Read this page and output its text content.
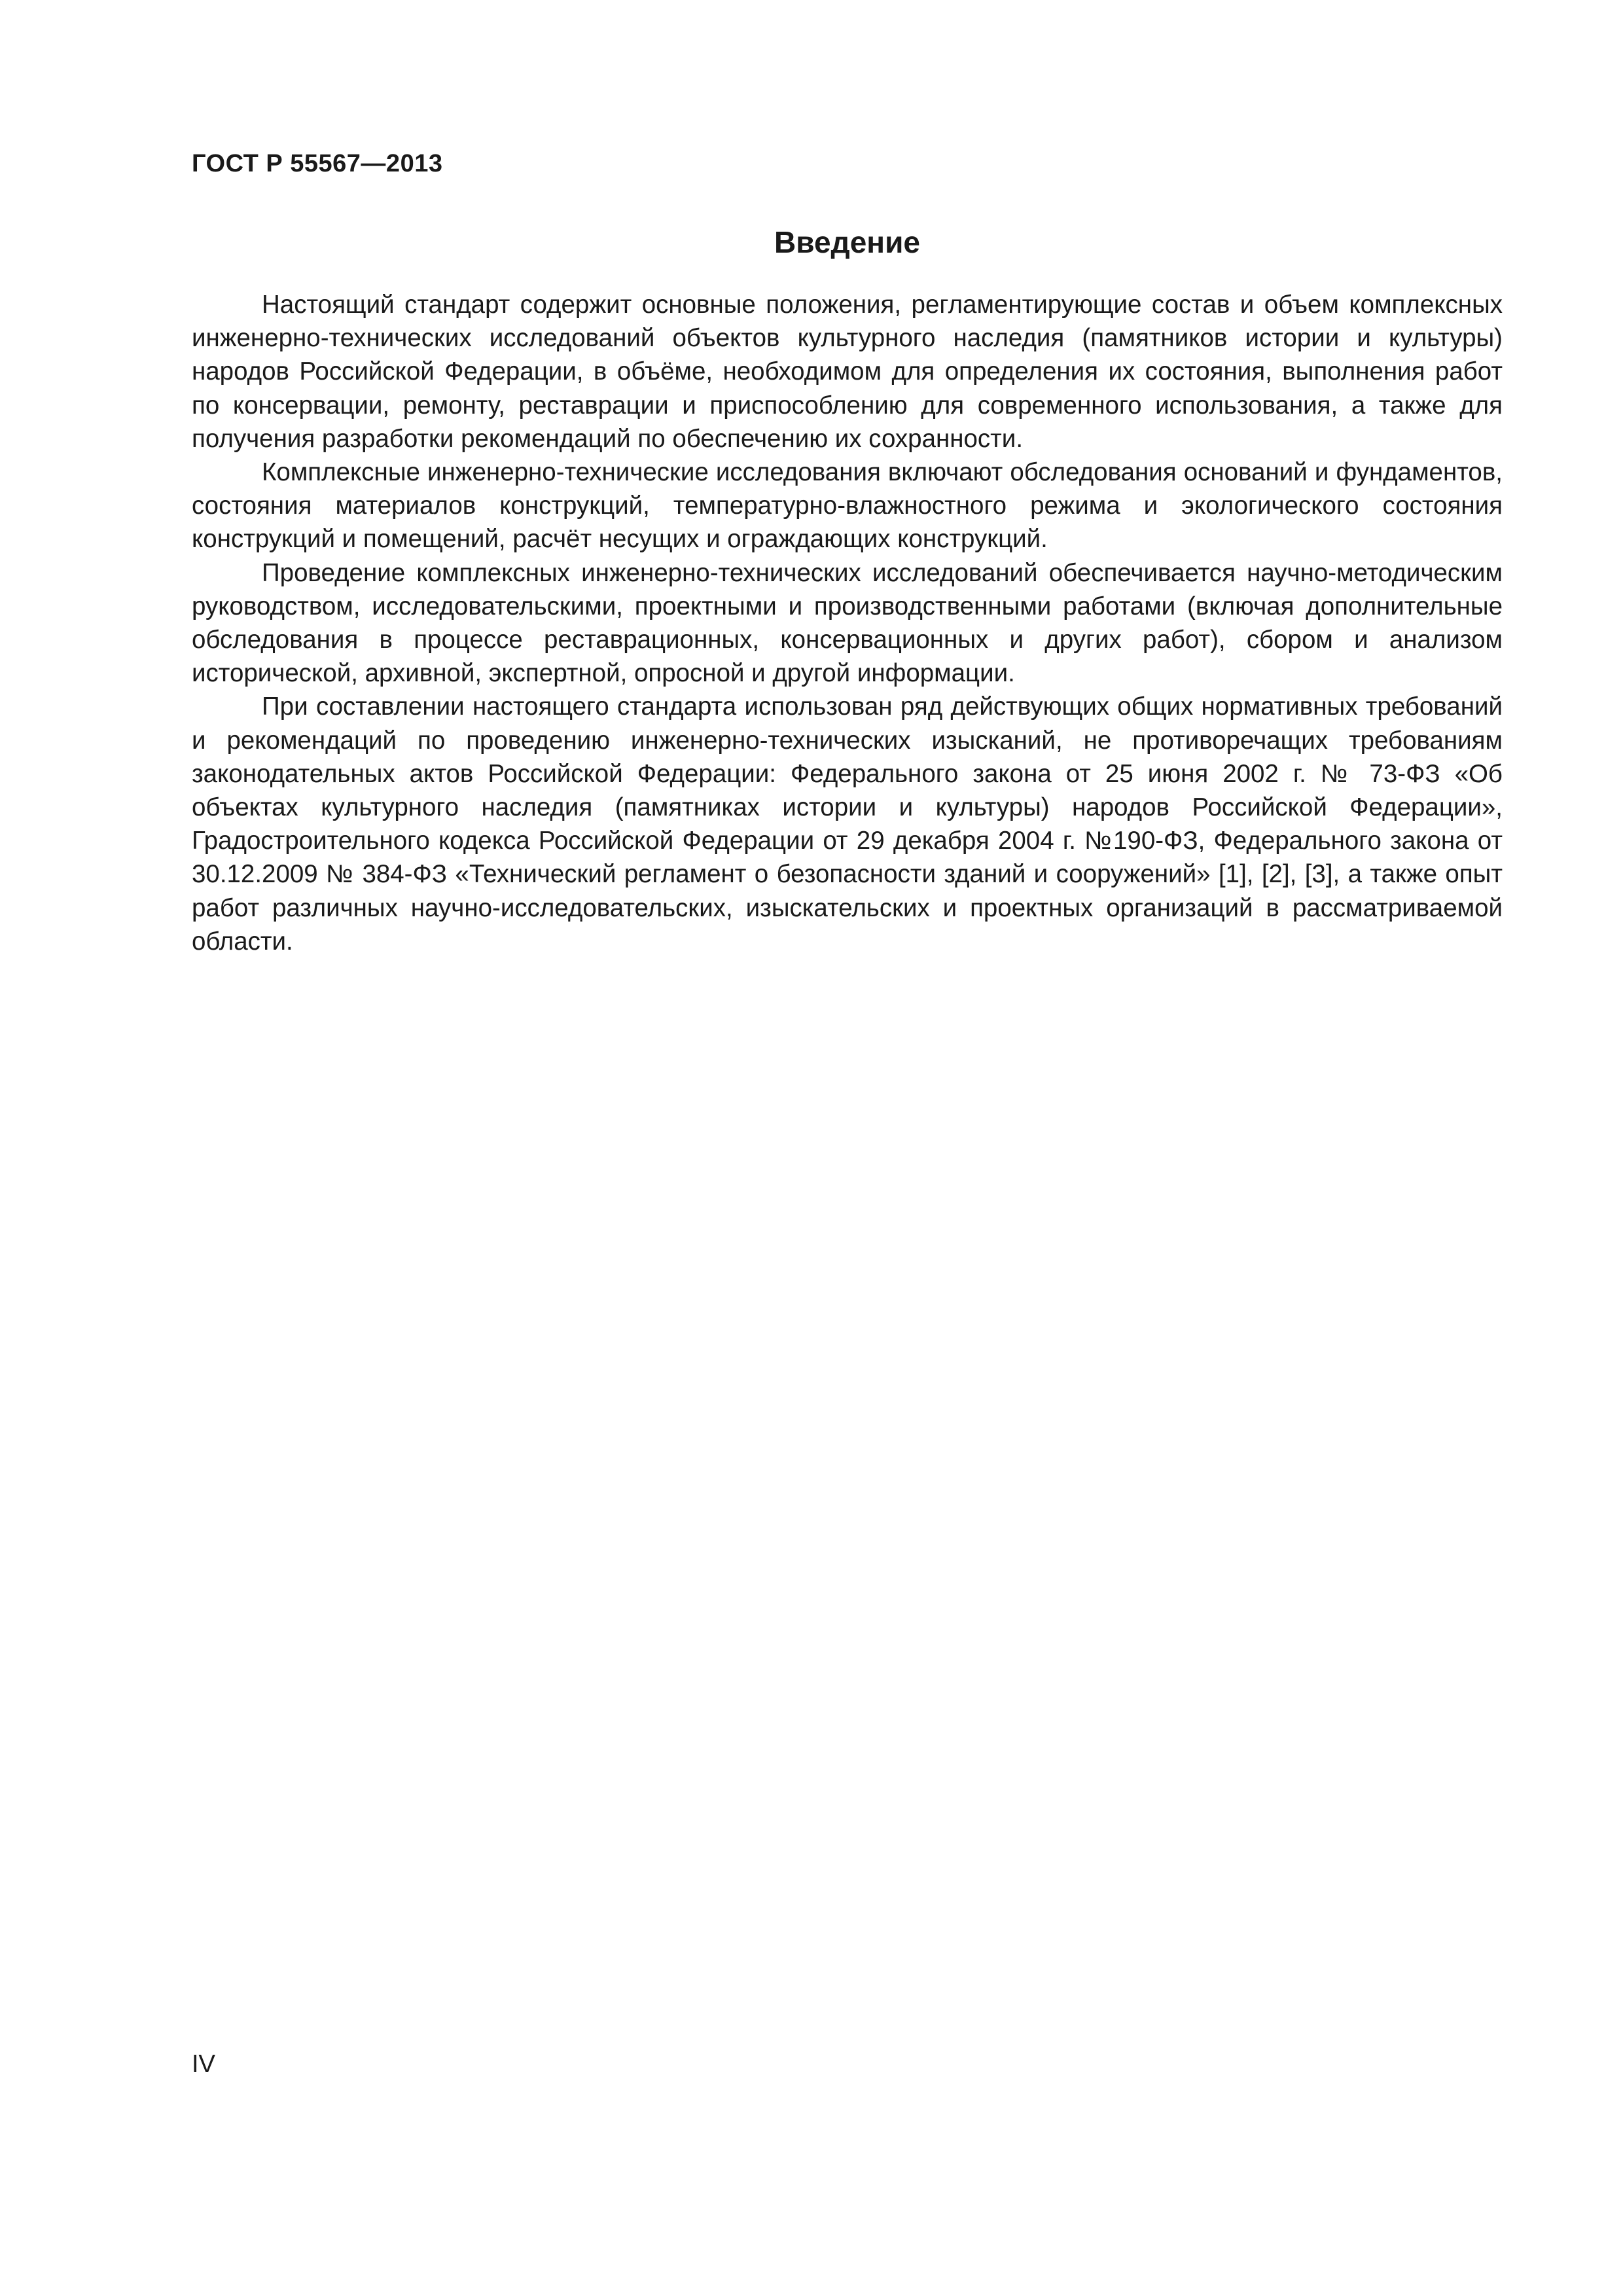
ГОСТ Р 55567—2013
Введение

Настоящий стандарт содержит основные положения, регламентирующие состав и объем комплексных инженерно-технических исследований объектов культурного наследия (памятников истории и культуры) народов Российской Федерации, в объёме, необходимом для определения их состояния, выполнения работ по консервации, ремонту, реставрации и приспособлению для современного использования, а также для получения разработки рекомендаций по обеспечению их сохранности.

Комплексные инженерно-технические исследования включают обследования оснований и фундаментов, состояния материалов конструкций, температурно-влажностного режима и экологического состояния конструкций и помещений, расчёт несущих и ограждающих конструкций.

Проведение комплексных инженерно-технических исследований обеспечивается научно-методическим руководством, исследовательскими, проектными и производственными работами (включая дополнительные обследования в процессе реставрационных, консервационных и других работ), сбором и анализом исторической, архивной, экспертной, опросной и другой информации.

При составлении настоящего стандарта использован ряд действующих общих нормативных требований и рекомендаций по проведению инженерно-технических изысканий, не противоречащих требованиям законодательных актов Российской Федерации: Федерального закона от 25 июня 2002 г. № 73-ФЗ «Об объектах культурного наследия (памятниках истории и культуры) народов Российской Федерации», Градостроительного кодекса Российской Федерации от 29 декабря 2004 г. №190-ФЗ, Федерального закона от 30.12.2009 № 384-ФЗ «Технический регламент о безопасности зданий и сооружений» [1], [2], [3], а также опыт работ различных научно-исследовательских, изыскательских и проектных организаций в рассматриваемой области.

IV
